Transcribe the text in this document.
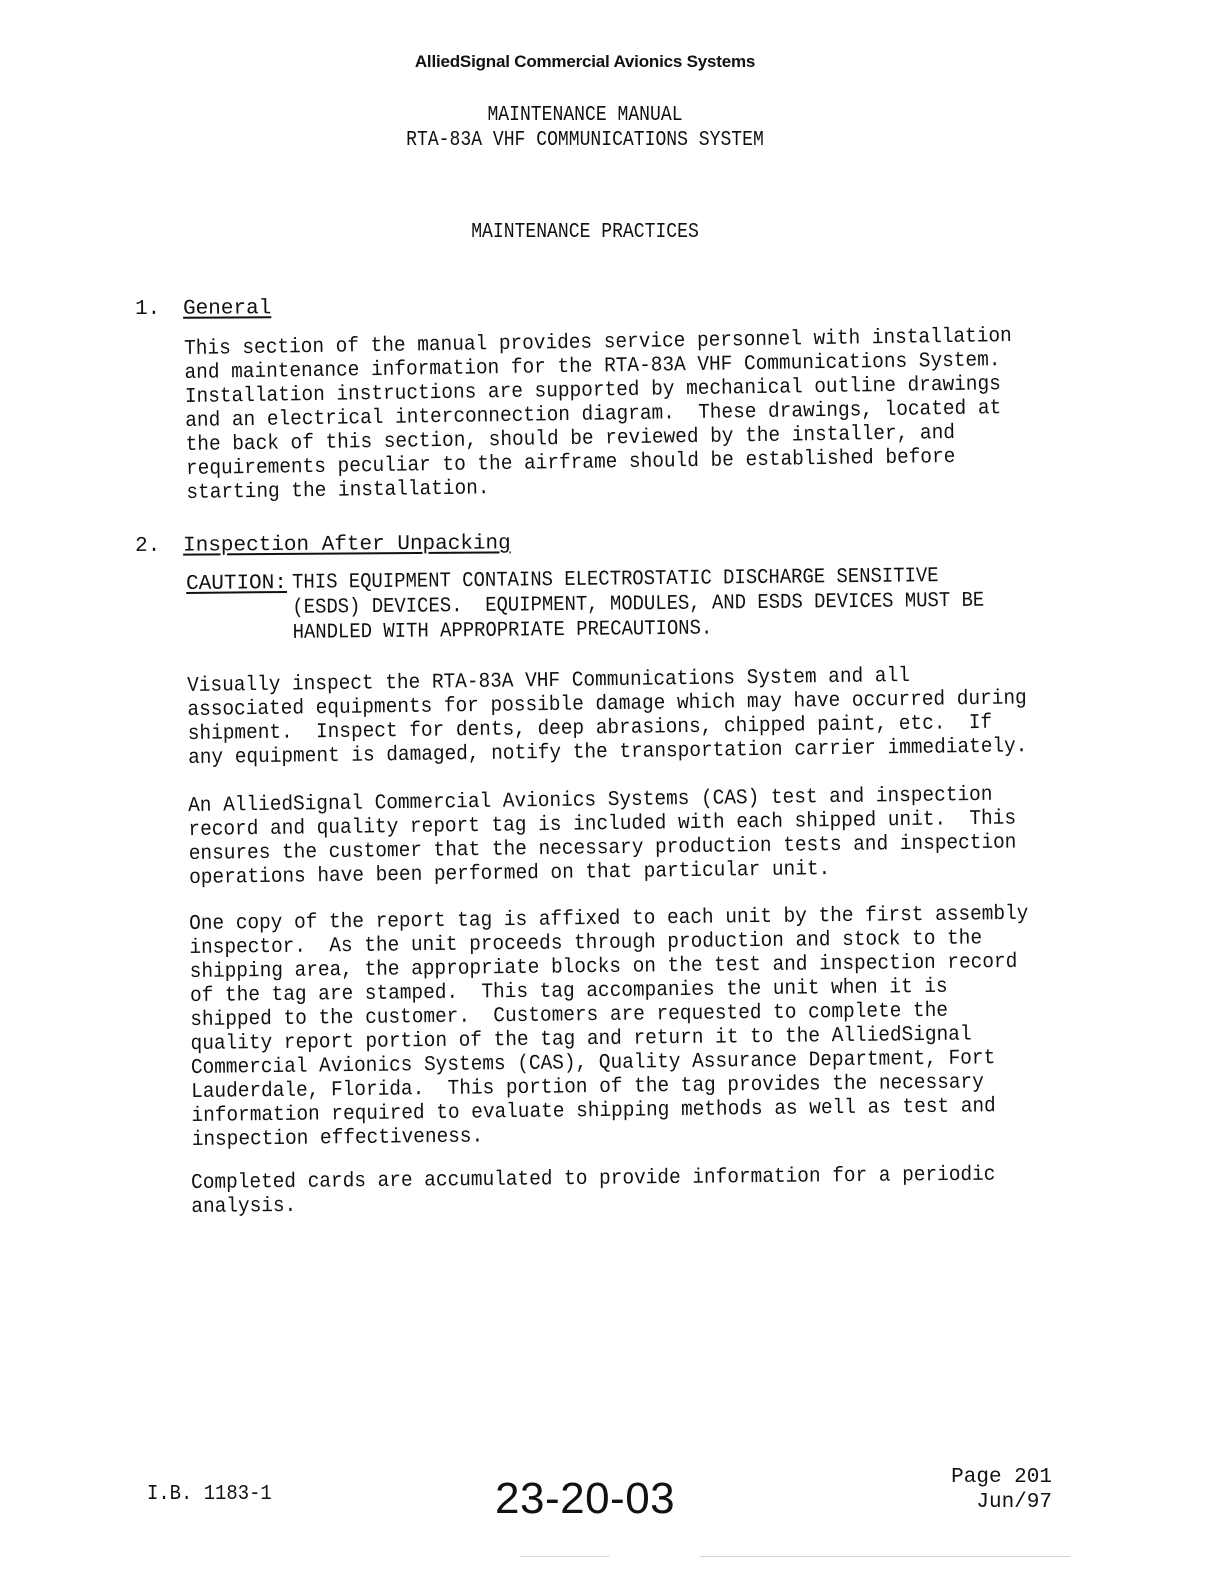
AlliedSignal Commercial Avionics Systems
MAINTENANCE MANUAL
RTA-83A VHF COMMUNICATIONS SYSTEM
MAINTENANCE PRACTICES
1. General
This section of the manual provides service personnel with installation
and maintenance information for the RTA-83A VHF Communications System.
Installation instructions are supported by mechanical outline drawings
and an electrical interconnection diagram.  These drawings, located at
the back of this section, should be reviewed by the installer, and
requirements peculiar to the airframe should be established before
starting the installation.
2. Inspection After Unpacking
CAUTION: THIS EQUIPMENT CONTAINS ELECTROSTATIC DISCHARGE SENSITIVE
(ESDS) DEVICES.  EQUIPMENT, MODULES, AND ESDS DEVICES MUST BE
HANDLED WITH APPROPRIATE PRECAUTIONS.
Visually inspect the RTA-83A VHF Communications System and all
associated equipments for possible damage which may have occurred during
shipment.  Inspect for dents, deep abrasions, chipped paint, etc.  If
any equipment is damaged, notify the transportation carrier immediately.
An AlliedSignal Commercial Avionics Systems (CAS) test and inspection
record and quality report tag is included with each shipped unit.  This
ensures the customer that the necessary production tests and inspection
operations have been performed on that particular unit.
One copy of the report tag is affixed to each unit by the first assembly
inspector.  As the unit proceeds through production and stock to the
shipping area, the appropriate blocks on the test and inspection record
of the tag are stamped.  This tag accompanies the unit when it is
shipped to the customer.  Customers are requested to complete the
quality report portion of the tag and return it to the AlliedSignal
Commercial Avionics Systems (CAS), Quality Assurance Department, Fort
Lauderdale, Florida.  This portion of the tag provides the necessary
information required to evaluate shipping methods as well as test and
inspection effectiveness.
Completed cards are accumulated to provide information for a periodic
analysis.
I.B. 1183-1	23-20-03	Page 201
Jun/97
